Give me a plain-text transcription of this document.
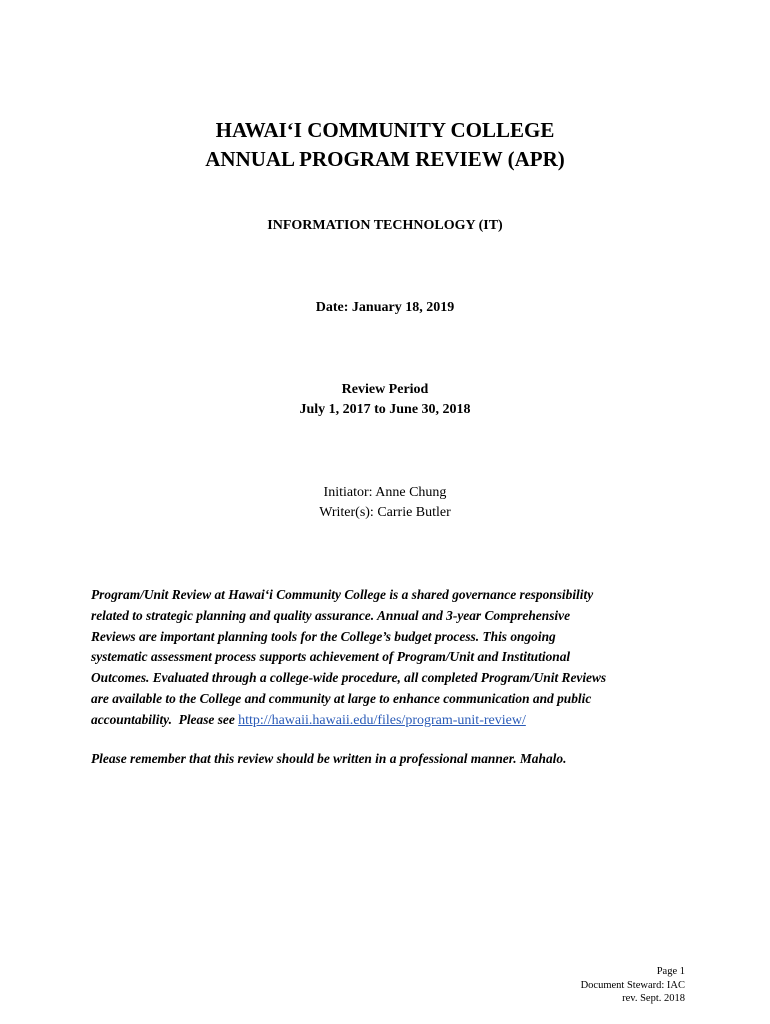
HAWAI‘I COMMUNITY COLLEGE
ANNUAL PROGRAM REVIEW (APR)
INFORMATION TECHNOLOGY (IT)
Date: January 18, 2019
Review Period
July 1, 2017 to June 30, 2018
Initiator: Anne Chung
Writer(s): Carrie Butler
Program/Unit Review at Hawai‘i Community College is a shared governance responsibility
related to strategic planning and quality assurance. Annual and 3-year Comprehensive
Reviews are important planning tools for the College’s budget process. This ongoing
systematic assessment process supports achievement of Program/Unit and Institutional
Outcomes. Evaluated through a college-wide procedure, all completed Program/Unit Reviews
are available to the College and community at large to enhance communication and public
accountability.  Please see http://hawaii.hawaii.edu/files/program-unit-review/
Please remember that this review should be written in a professional manner. Mahalo.
Page 1
Document Steward: IAC
rev. Sept. 2018
